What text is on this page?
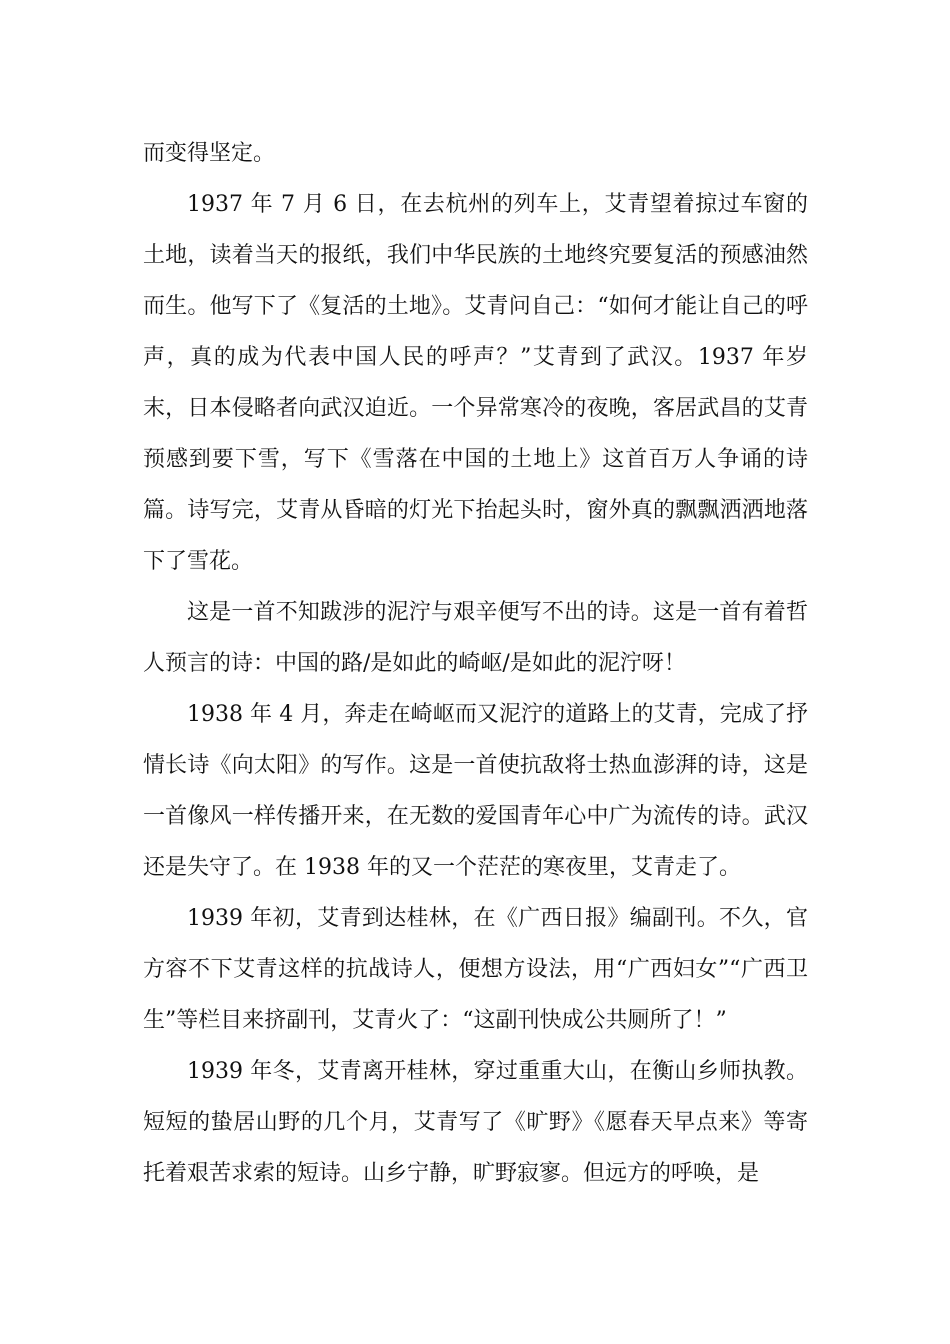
而变得坚定。

1937 年 7 月 6 日，在去杭州的列车上，艾青望着掠过车窗的土地，读着当天的报纸，我们中华民族的土地终究要复活的预感油然而生。他写下了《复活的土地》。艾青问自己：“如何才能让自己的呼声，真的成为代表中国人民的呼声？”艾青到了武汉。1937 年岁末，日本侵略者向武汉迫近。一个异常寒冷的夜晚，客居武昌的艾青预感到要下雪，写下《雪落在中国的土地上》这首百万人争诵的诗篇。诗写完，艾青从昏暗的灯光下抬起头时，窗外真的飘飘洒洒地落下了雪花。

这是一首不知跋涉的泥泞与艰辛便写不出的诗。这是一首有着哲人预言的诗：中国的路/是如此的崎岖/是如此的泥泞呀！

1938 年 4 月，奔走在崎岖而又泥泞的道路上的艾青，完成了抒情长诗《向太阳》的写作。这是一首使抗敌将士热血澎湃的诗，这是一首像风一样传播开来，在无数的爱国青年心中广为流传的诗。武汉还是失守了。在 1938 年的又一个茫茫的寒夜里，艾青走了。

1939 年初，艾青到达桂林，在《广西日报》编副刊。不久，官方容不下艾青这样的抗战诗人，便想方设法，用“广西妇女”“广西卫生”等栏目来挤副刊，艾青火了：“这副刊快成公共厕所了！”

1939 年冬，艾青离开桂林，穿过重重大山，在衡山乡师执教。短短的蛰居山野的几个月，艾青写了《旷野》《愿春天早点来》等寄托着艰苦求索的短诗。山乡宁静，旷野寂寥。但远方的呼唤，是
